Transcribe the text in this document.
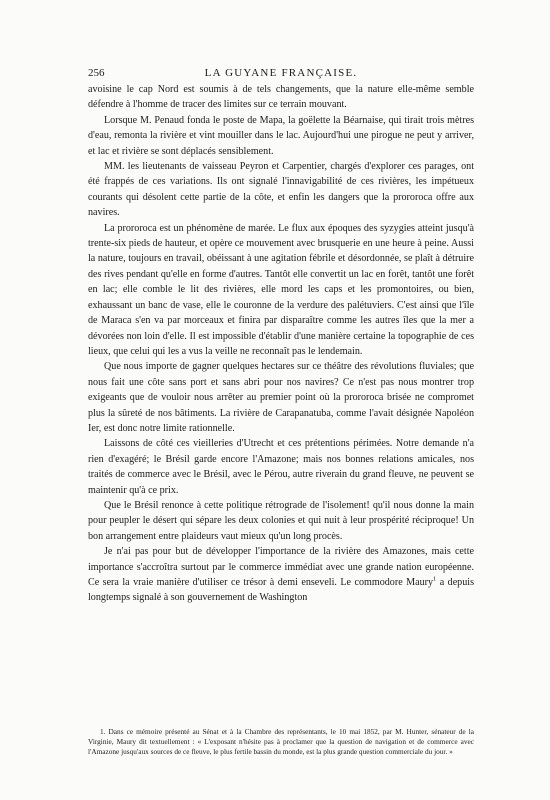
256	LA GUYANE FRANÇAISE.

avoisine le cap Nord est soumis à de tels changements, que la nature elle-même semble défendre à l'homme de tracer des limites sur ce terrain mouvant.

Lorsque M. Penaud fonda le poste de Mapa, la goëlette la Béarnaise, qui tirait trois mètres d'eau, remonta la rivière et vint mouiller dans le lac. Aujourd'hui une pirogue ne peut y arriver, et lac et rivière se sont déplacés sensiblement.

MM. les lieutenants de vaisseau Peyron et Carpentier, chargés d'explorer ces parages, ont été frappés de ces variations. Ils ont signalé l'innavigabilité de ces rivières, les impétueux courants qui désolent cette partie de la côte, et enfin les dangers que la prororoca offre aux navires.

La prororoca est un phénomène de marée. Le flux aux époques des syzygies atteint jusqu'à trente-six pieds de hauteur, et opère ce mouvement avec brusquerie en une heure à peine. Aussi la nature, toujours en travail, obéissant à une agitation fébrile et désordonnée, se plaît à détruire des rives pendant qu'elle en forme d'autres. Tantôt elle convertit un lac en forêt, tantôt une forêt en lac; elle comble le lit des rivières, elle mord les caps et les promontoires, ou bien, exhaussant un banc de vase, elle le couronne de la verdure des palétuviers. C'est ainsi que l'île de Maraca s'en va par morceaux et finira par disparaître comme les autres îles que la mer a dévorées non loin d'elle. Il est impossible d'établir d'une manière certaine la topographie de ces lieux, que celui qui les a vus la veille ne reconnaît pas le lendemain.

Que nous importe de gagner quelques hectares sur ce théâtre des révolutions fluviales; que nous fait une côte sans port et sans abri pour nos navires? Ce n'est pas nous montrer trop exigeants que de vouloir nous arrêter au premier point où la prororoca brisée ne compromet plus la sûreté de nos bâtiments. La rivière de Carapanatuba, comme l'avait désignée Napoléon Ier, est donc notre limite rationnelle.

Laissons de côté ces vieilleries d'Utrecht et ces prétentions périmées. Notre demande n'a rien d'exagéré; le Brésil garde encore l'Amazone; mais nos bonnes relations amicales, nos traités de commerce avec le Brésil, avec le Pérou, autre riverain du grand fleuve, ne peuvent se maintenir qu'à ce prix.

Que le Brésil renonce à cette politique rétrograde de l'isolement! qu'il nous donne la main pour peupler le désert qui sépare les deux colonies et qui nuit à leur prospérité réciproque! Un bon arrangement entre plaideurs vaut mieux qu'un long procès.

Je n'ai pas pour but de développer l'importance de la rivière des Amazones, mais cette importance s'accroîtra surtout par le commerce immédiat avec une grande nation européenne. Ce sera la vraie manière d'utiliser ce trésor à demi enseveli. Le commodore Maury$^1$ a depuis longtemps signalé à son gouvernement de Washington

1. Dans ce mémoire présenté au Sénat et à la Chambre des représentants, le 10 mai 1852, par M. Hunter, sénateur de la Virginie, Maury dit textuellement : « L'exposant n'hésite pas à proclamer que la question de navigation et de commerce avec l'Amazone jusqu'aux sources de ce fleuve, le plus fertile bassin du monde, est la plus grande question commerciale du jour. »
